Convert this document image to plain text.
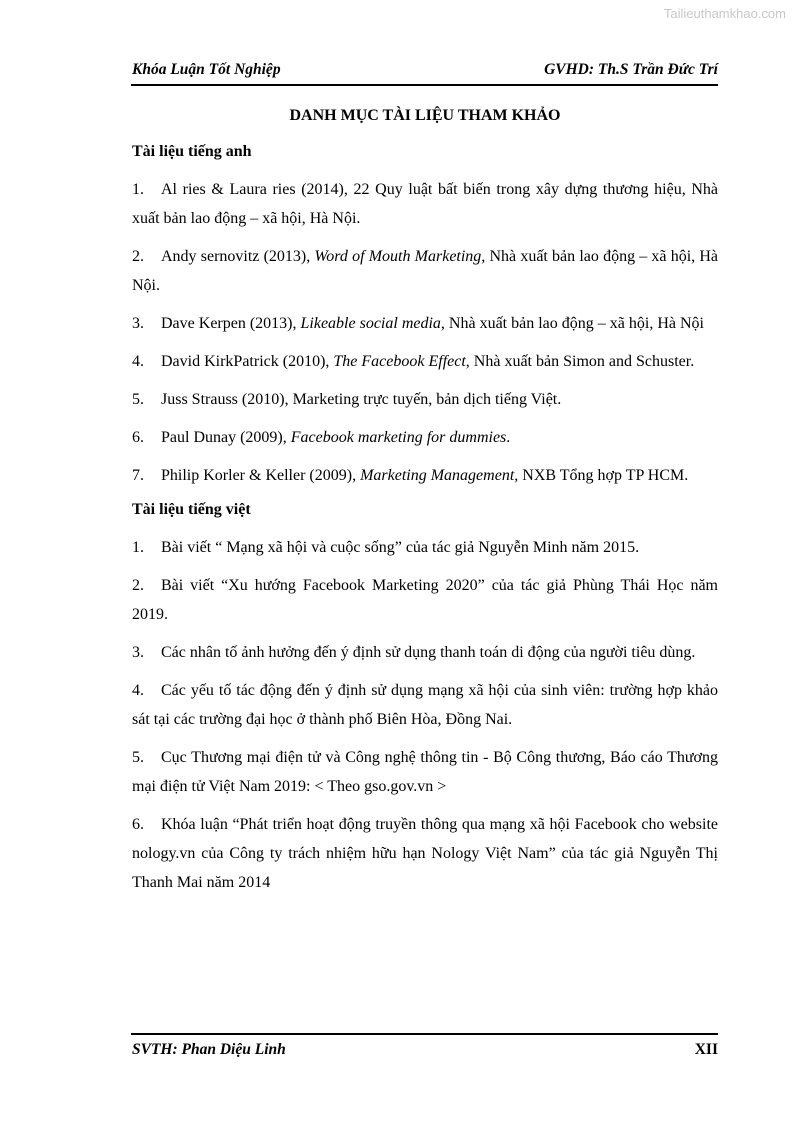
Tailieuthamkhao.com
Khóa Luận Tốt Nghiệp	GVHD: Th.S Trần Đức Trí
DANH MỤC TÀI LIỆU THAM KHẢO
Tài liệu tiếng anh

1. Al ries & Laura ries (2014), 22 Quy luật bất biến trong xây dựng thương hiệu, Nhà xuất bản lao động – xã hội, Hà Nội.

2. Andy sernovitz (2013), Word of Mouth Marketing, Nhà xuất bản lao động – xã hội, Hà Nội.

3. Dave Kerpen (2013), Likeable social media, Nhà xuất bản lao động – xã hội, Hà Nội

4. David KirkPatrick (2010), The Facebook Effect, Nhà xuất bản Simon and Schuster.

5. Juss Strauss (2010), Marketing trực tuyến, bản dịch tiếng Việt.

6. Paul Dunay (2009), Facebook marketing for dummies.

7. Philip Korler & Keller (2009), Marketing Management, NXB Tổng hợp TP HCM.

Tài liệu tiếng việt

1. Bài viết “ Mạng xã hội và cuộc sống” của tác giả Nguyễn Minh năm 2015.

2. Bài viết “Xu hướng Facebook Marketing 2020” của tác giả Phùng Thái Học năm 2019.

3. Các nhân tố ảnh hưởng đến ý định sử dụng thanh toán di động của người tiêu dùng.

4. Các yếu tố tác động đến ý định sử dụng mạng xã hội của sinh viên: trường hợp khảo sát tại các trường đại học ở thành phố Biên Hòa, Đồng Nai.

5. Cục Thương mại điện tử và Công nghệ thông tin - Bộ Công thương, Báo cáo Thương mại điện tử Việt Nam 2019: < Theo gso.gov.vn >

6. Khóa luận “Phát triển hoạt động truyền thông qua mạng xã hội Facebook cho website nology.vn của Công ty trách nhiệm hữu hạn Nology Việt Nam” của tác giả Nguyễn Thị Thanh Mai năm 2014

SVTH: Phan Diệu Linh	XII
